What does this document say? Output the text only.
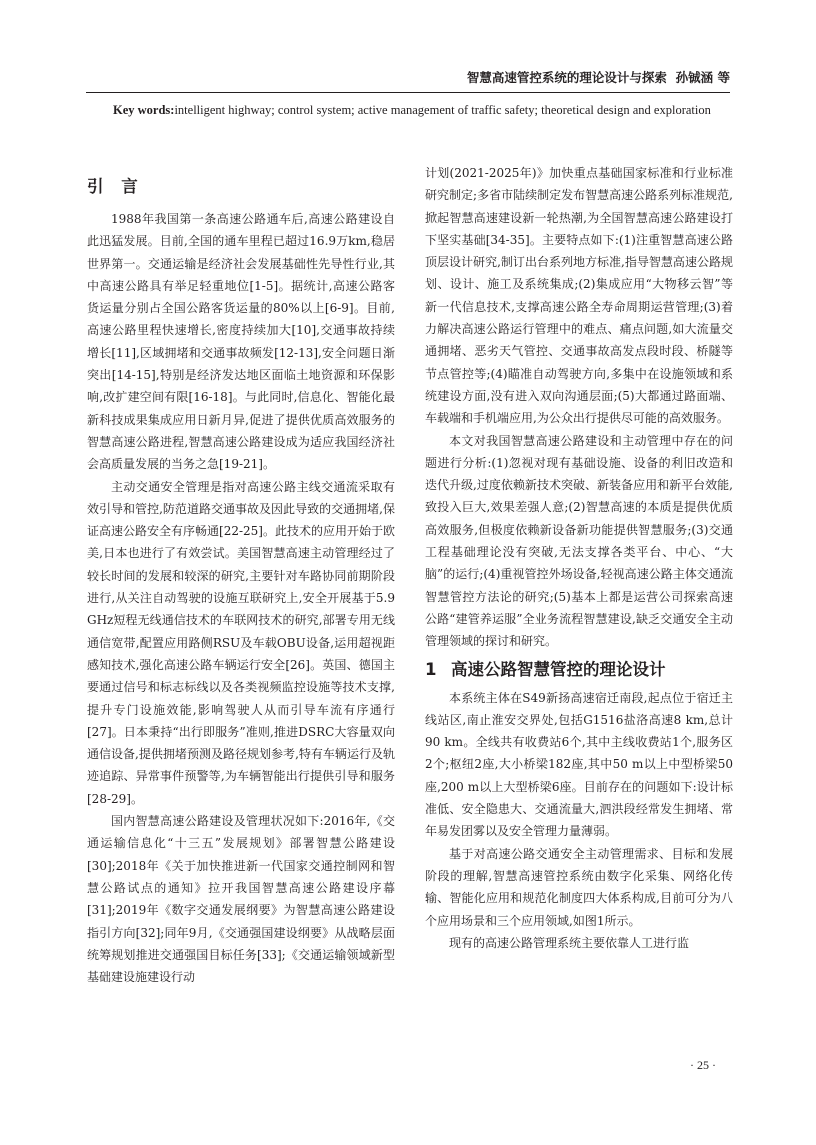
智慧高速管控系统的理论设计与探索 孙铖涵 等
Key words:intelligent highway; control system; active management of traffic safety; theoretical design and exploration
引 言

1988年我国第一条高速公路通车后,高速公路建设自此迅猛发展。目前,全国的通车里程已超过16.9万km,稳居世界第一。交通运输是经济社会发展基础性先导性行业,其中高速公路具有举足轻重地位[1-5]。据统计,高速公路客货运量分别占全国公路客货运量的80%以上[6-9]。目前,高速公路里程快速增长,密度持续加大[10],交通事故持续增长[11],区域拥堵和交通事故频发[12-13],安全问题日渐突出[14-15],特别是经济发达地区面临土地资源和环保影响,改扩建空间有限[16-18]。与此同时,信息化、智能化最新科技成果集成应用日新月异,促进了提供优质高效服务的智慧高速公路进程,智慧高速公路建设成为适应我国经济社会高质量发展的当务之急[19-21]。

主动交通安全管理是指对高速公路主线交通流采取有效引导和管控,防范道路交通事故及因此导致的交通拥堵,保证高速公路安全有序畅通[22-25]。此技术的应用开始于欧美,日本也进行了有效尝试。美国智慧高速主动管理经过了较长时间的发展和较深的研究,主要针对车路协同前期阶段进行,从关注自动驾驶的设施互联研究上,安全开展基于5.9 GHz短程无线通信技术的车联网技术的研究,部署专用无线通信宽带,配置应用路侧RSU及车载OBU设备,运用超视距感知技术,强化高速公路车辆运行安全[26]。英国、德国主要通过信号和标志标线以及各类视频监控设施等技术支撑,提升专门设施效能,影响驾驶人从而引导车流有序通行[27]。日本秉持“出行即服务”准则,推进DSRC大容量双向通信设备,提供拥堵预测及路径规划参考,特有车辆运行及轨迹追踪、异常事件预警等,为车辆智能出行提供引导和服务[28-29]。

国内智慧高速公路建设及管理状况如下:2016年,《交通运输信息化“十三五”发展规划》部署智慧公路建设[30];2018年《关于加快推进新一代国家交通控制网和智慧公路试点的通知》拉开我国智慧高速公路建设序幕[31];2019年《数字交通发展纲要》为智慧高速公路建设指引方向[32];同年9月,《交通强国建设纲要》从战略层面统筹规划推进交通强国目标任务[33];《交通运输领域新型基础建设施建设行动

计划(2021-2025年)》加快重点基础国家标准和行业标准研究制定;多省市陆续制定发布智慧高速公路系列标准规范,掀起智慧高速建设新一轮热潮,为全国智慧高速公路建设打下坚实基础[34-35]。主要特点如下:(1)注重智慧高速公路顶层设计研究,制订出台系列地方标准,指导智慧高速公路规划、设计、施工及系统集成;(2)集成应用“大物移云智”等新一代信息技术,支撑高速公路全寿命周期运营管理;(3)着力解决高速公路运行管理中的难点、痛点问题,如大流量交通拥堵、恶劣天气管控、交通事故高发点段时段、桥隧等节点管控等;(4)瞄准自动驾驶方向,多集中在设施领域和系统建设方面,没有进入双向沟通层面;(5)大都通过路面端、车载端和手机端应用,为公众出行提供尽可能的高效服务。

本文对我国智慧高速公路建设和主动管理中存在的问题进行分析:(1)忽视对现有基础设施、设备的利旧改造和迭代升级,过度依赖新技术突破、新装备应用和新平台效能,致投入巨大,效果差强人意;(2)智慧高速的本质是提供优质高效服务,但极度依赖新设备新功能提供智慧服务;(3)交通工程基础理论没有突破,无法支撑各类平台、中心、“大脑”的运行;(4)重视管控外场设备,轻视高速公路主体交通流智慧管控方法论的研究;(5)基本上都是运营公司探索高速公路“建管养运服”全业务流程智慧建设,缺乏交通安全主动管理领域的探讨和研究。

1 高速公路智慧管控的理论设计

本系统主体在S49新扬高速宿迁南段,起点位于宿迁主线站区,南止淮安交界处,包括G1516盐洛高速8 km,总计90 km。全线共有收费站6个,其中主线收费站1个,服务区2个;枢纽2座,大小桥梁182座,其中50 m以上中型桥梁50座,200 m以上大型桥梁6座。目前存在的问题如下:设计标准低、安全隐患大、交通流量大,泗洪段经常发生拥堵、常年易发团雾以及安全管理力量薄弱。

基于对高速公路交通安全主动管理需求、目标和发展阶段的理解,智慧高速管控系统由数字化采集、网络化传输、智能化应用和规范化制度四大体系构成,目前可分为八个应用场景和三个应用领域,如图1所示。

现有的高速公路管理系统主要依靠人工进行监

· 25 ·
